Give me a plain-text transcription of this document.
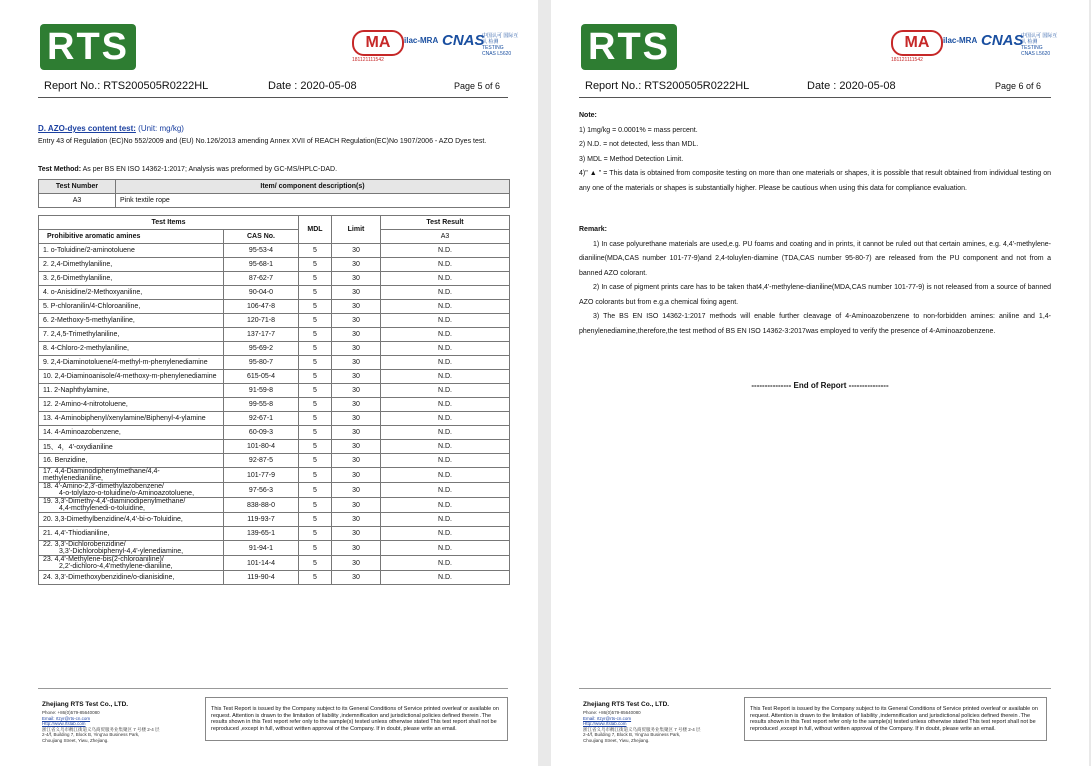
RTS	MA
181121111542
ilac-MRA CNAS
中国认可 国际互认 检测
TESTING
CNAS L5620
Report No.: RTS200505R0222HL	Date : 2020-05-08	Page 5 of 6
D. AZO-dyes content test: (Unit: mg/kg)
Entry 43 of Regulation (EC)No 552/2009 and (EU) No.126/2013 amending Annex XVII of REACH Regulation(EC)No 1907/2006 - AZO Dyes test.
Test Method: As per BS EN ISO 14362-1:2017; Analysis was preformed by GC-MS/HPLC-DAD.
Test Number	Item/ component description(s)
A3	Pink textile rope
Test Items		MDL	Limit	Test Result
Prohibitive aromatic amines	CAS No.			A3
1. o-Toluidine/2-aminotoluene	95-53-4	5	30	N.D.
2. 2,4-Dimethylaniline,	95-68-1	5	30	N.D.
3. 2,6-Dimethylaniline,	87-62-7	5	30	N.D.
4. o-Anisidine/2-Methoxyaniline,	90-04-0	5	30	N.D.
5. P-chloranilin/4-Chloroaniline,	106-47-8	5	30	N.D.
6. 2-Methoxy-5-methylaniline,	120-71-8	5	30	N.D.
7. 2,4,5-Trimethylaniline,	137-17-7	5	30	N.D.
8. 4-Chloro-2-methylaniline,	95-69-2	5	30	N.D.
9. 2,4-Diaminotoluene/4-methyl-m-phenylenediamine	95-80-7	5	30	N.D.
10. 2,4-Diaminoanisole/4-methoxy-m-phenylenediamine	615-05-4	5	30	N.D.
11. 2-Naphthylamine,	91-59-8	5	30	N.D.
12. 2-Amino-4-nitrotoluene,	99-55-8	5	30	N.D.
13. 4-Aminobiphenyl/xenylamine/Biphenyl-4-ylamine	92-67-1	5	30	N.D.
14. 4-Aminoazobenzene,	60-09-3	5	30	N.D.
15、4，4'-oxydianiline	101-80-4	5	30	N.D.
16. Benzidine,	92-87-5	5	30	N.D.
17. 4,4-Diaminodiphenylmethane/4,4-methylenedianiline,	101-77-9	5	30	N.D.

18. 4'-Amino-2,3'-dimethylazobenzene/
4-o-tolylazo-o-toluidine/o-Aminoazotoluene,	97-56-3	5	30	N.D.

19. 3,3'-Dimethy-4,4'-diaminodipenylmethane/
4,4-mcthylenedi-o-toluidine,	838-88-0	5	30	N.D.
20. 3,3-Dimethylbenzidine/4,4'-bi-o-Toluidine,	119-93-7	5	30	N.D.
21. 4,4'-Thiodianiline,	139-65-1	5	30	N.D.

22. 3,3'-Dichlorobenzidine/
3,3'-Dichlorobiphenyl-4,4'-ylenediamine,	91-94-1	5	30	N.D.

23. 4,4'-Methylene-bis(2-chloroaniline)/
2,2'-dichloro-4,4'methylene-dianiline,	101-14-4	5	30	N.D.
24. 3,3'-Dimethoxybenzidine/o-dianisidine,	119-90-4	5	30	N.D.
Zhejiang RTS Test Co., LTD.
Phone: +86(0)579-85640080
Email: rtzyr@rts-cn.com
Http://www.rtslab.com
浙江省义乌市稠江街道义乌商贸服务业集聚区 7 号楼 2-4 层
2-4/f, Building 7, Block B, Ying'ao Business Park,
Choujiang Street, Yiwu, Zhejiang.
This Test Report is issued by the Company subject to its General Conditions of Service printed overleaf or available on request. Attention is drawn to the limitation of liability ,indemnification and jurisdictional policies defined therein .The results shown in this Test report refer only to the sample(s) tested unless otherwise stated This test report shall not be reproduced ,except in full, without written approval of the Company. If in doubt, please write an email.
RTS	MA
181121111542
ilac-MRA CNAS
中国认可 国际互认 检测
TESTING
CNAS L5620
Report No.: RTS200505R0222HL	Date : 2020-05-08	Page 6 of 6
Note:
1) 1mg/kg = 0.0001% = mass percent.
2) N.D. = not detected, less than MDL.
3) MDL = Method Detection Limit.
4)" ▲ " = This data is obtained from composite testing on more than one materials or shapes, it is possible that result obtained from individual testing on any one of the materials or shapes is substantially higher. Please be cautious when using this data for compliance evaluation.
Remark:
1) In case polyurethane materials are used,e.g. PU foams and coating and in prints, it cannot be ruled out that certain amines, e.g. 4,4'-methylene-dianiline(MDA,CAS number 101-77-9)and 2,4-toluylen-diamine (TDA,CAS number 95-80-7) are released from the PU component and not from a banned AZO colorant.
2) In case of pigment prints care has to be taken that4,4'-methylene-dianiline(MDA,CAS number 101-77-9) is not released from a source of banned AZO colorants but from e.g.a chemical fixing agent.
3) The BS EN ISO 14362-1:2017 methods will enable further cleavage of 4-Aminoazobenzene to non-forbidden amines: aniline and 1,4-phenylenediamine,therefore,the test method of BS EN ISO 14362-3:2017was employed to verify the presence of 4-Aminoazobenzene.
--------------- End of Report ---------------
Zhejiang RTS Test Co., LTD.
Phone: +86(0)579-85640080
Email: rtzyr@rts-cn.com
Http://www.rtslab.com
浙江省义乌市稠江街道义乌商贸服务业集聚区 7 号楼 2-4 层
2-4/f, Building 7, Block B, Ying'ao Business Park,
Choujiang Street, Yiwu, Zhejiang.
This Test Report is issued by the Company subject to its General Conditions of Service printed overleaf or available on request. Attention is drawn to the limitation of liability ,indemnification and jurisdictional policies defined therein .The results shown in this Test report refer only to the sample(s) tested unless otherwise stated This test report shall not be reproduced ,except in full, without written approval of the Company. If in doubt, please write an email.
